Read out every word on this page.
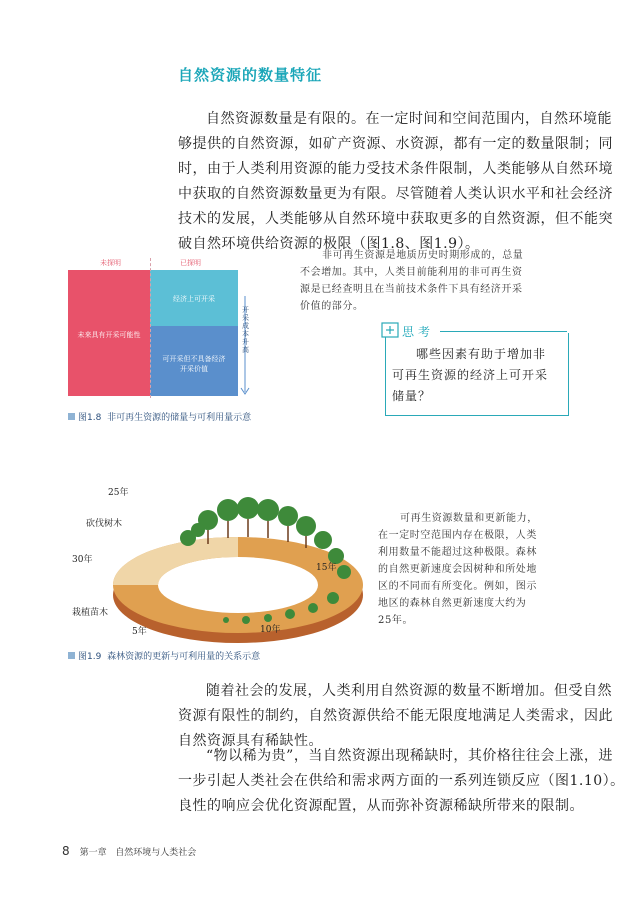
自然资源的数量特征
自然资源数量是有限的。在一定时间和空间范围内，自然环境能
够提供的自然资源，如矿产资源、水资源，都有一定的数量限制；同
时，由于人类利用资源的能力受技术条件限制，人类能够从自然环境
中获取的自然资源数量更为有限。尽管随着人类认识水平和社会经济
技术的发展，人类能够从自然环境中获取更多的自然资源，但不能突
破自然环境供给资源的极限（图1.8、图1.9）。
未探明	已探明
未来具有开采可能性
经济上可开采
可开采但不具备经济开采价值
开采成本升高
图1.8 非可再生资源的储量与可利用量示意
非可再生资源是地质历史时期形成的，总量
不会增加。其中，人类目前能利用的非可再生资
源是已经查明且在当前技术条件下具有经济开采
价值的部分。
思考
哪些因素有助于增加非
可再生资源的经济上可开采
储量？
25年
砍伐树木
30年
栽植苗木
5年	10年
15年
图1.9 森林资源的更新与可利用量的关系示意
可再生资源数量和更新能力，
在一定时空范围内存在极限，人类
利用数量不能超过这种极限。森林
的自然更新速度会因树种和所处地
区的不同而有所变化。例如，图示
地区的森林自然更新速度大约为
25年。
随着社会的发展，人类利用自然资源的数量不断增加。但受自然
资源有限性的制约，自然资源供给不能无限度地满足人类需求，因此
自然资源具有稀缺性。
“物以稀为贵”，当自然资源出现稀缺时，其价格往往会上涨，进
一步引起人类社会在供给和需求两方面的一系列连锁反应（图1.10）。
良性的响应会优化资源配置，从而弥补资源稀缺所带来的限制。
8 第一章 自然环境与人类社会
